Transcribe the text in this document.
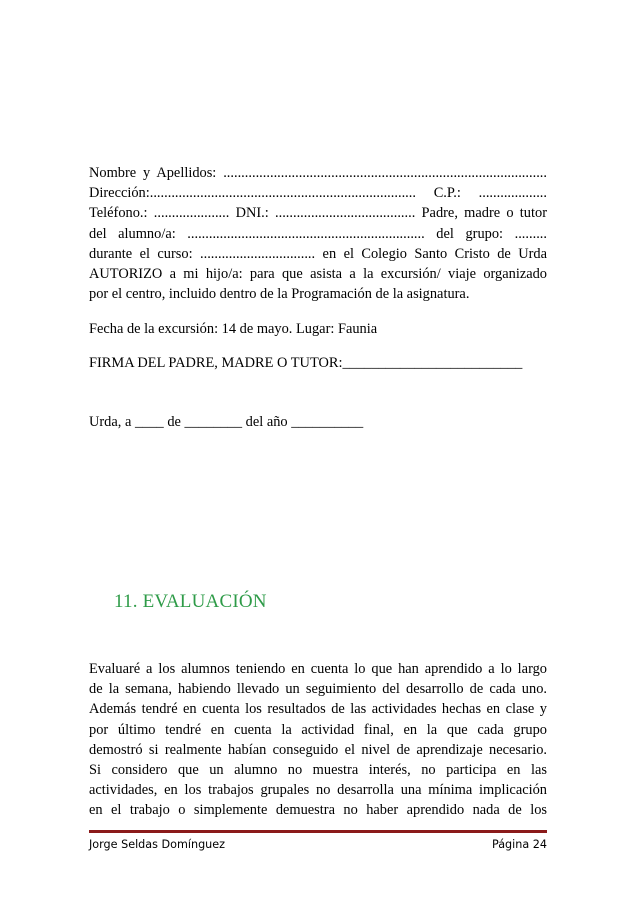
Nombre y Apellidos: ..........................................................................................
Dirección:.......................................................................... C.P.: ...................
Teléfono.: ..................... DNI.: ....................................... Padre, madre o tutor
del alumno/a: .................................................................. del grupo: .........
durante el curso: ................................ en el Colegio Santo Cristo de Urda
AUTORIZO a mi hijo/a: para que asista a la excursión/ viaje organizado
por el centro, incluido dentro de la Programación de la asignatura.
Fecha de la excursión: 14 de mayo. Lugar: Faunia
FIRMA DEL PADRE, MADRE O TUTOR:_________________________
Urda, a ____ de ________ del año __________
11. EVALUACIÓN
Evaluaré a los alumnos teniendo en cuenta lo que han aprendido a lo largo
de la semana, habiendo llevado un seguimiento del desarrollo de cada uno.
Además tendré en cuenta los resultados de las actividades hechas en clase y
por último tendré en cuenta la actividad final, en la que cada grupo
demostró si realmente habían conseguido el nivel de aprendizaje necesario.
Si considero que un alumno no muestra interés, no participa en las
actividades, en los trabajos grupales no desarrolla una mínima implicación
en el trabajo o simplemente demuestra no haber aprendido nada de los
Jorge Seldas Domínguez	Página 24
